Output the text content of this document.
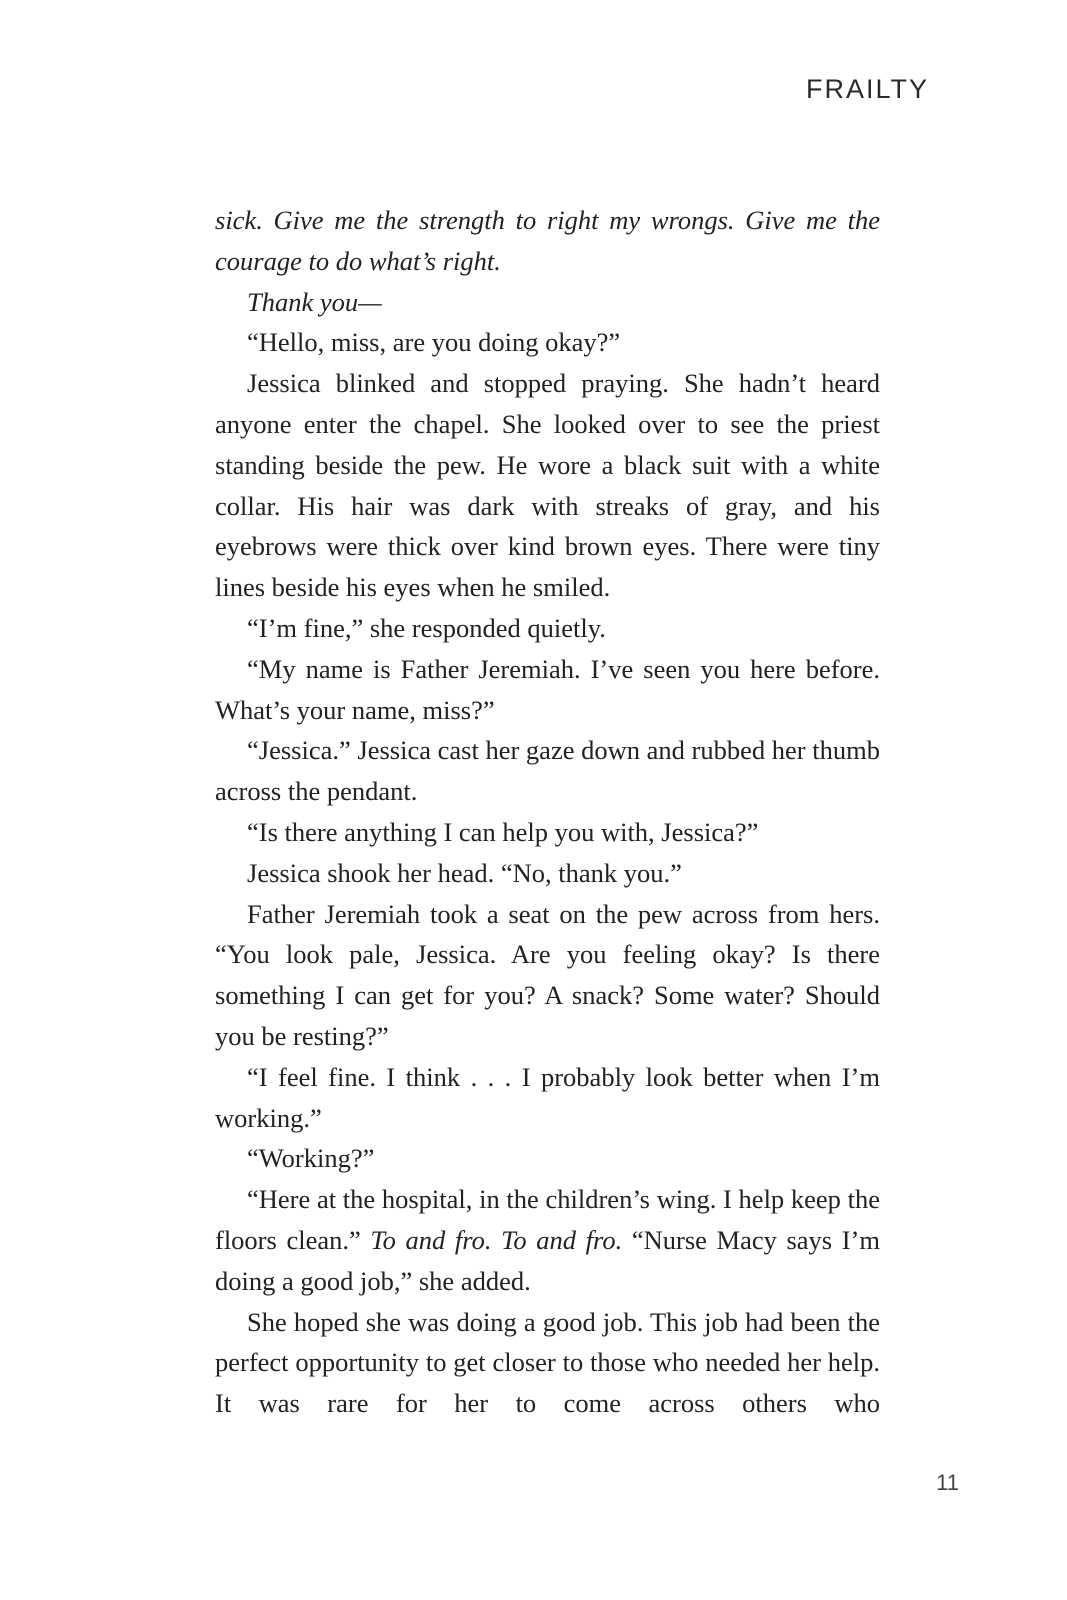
FRAILTY

sick. Give me the strength to right my wrongs. Give me the courage to do what’s right.

Thank you—

“Hello, miss, are you doing okay?”

Jessica blinked and stopped praying. She hadn’t heard anyone enter the chapel. She looked over to see the priest standing beside the pew. He wore a black suit with a white collar. His hair was dark with streaks of gray, and his eyebrows were thick over kind brown eyes. There were tiny lines beside his eyes when he smiled.

“I’m fine,” she responded quietly.

“My name is Father Jeremiah. I’ve seen you here before. What’s your name, miss?”

“Jessica.” Jessica cast her gaze down and rubbed her thumb across the pendant.

“Is there anything I can help you with, Jessica?”

Jessica shook her head. “No, thank you.”

Father Jeremiah took a seat on the pew across from hers. “You look pale, Jessica. Are you feeling okay? Is there something I can get for you? A snack? Some water? Should you be resting?”

“I feel fine. I think . . . I probably look better when I’m working.”

“Working?”

“Here at the hospital, in the children’s wing. I help keep the floors clean.” To and fro. To and fro. “Nurse Macy says I’m doing a good job,” she added.

She hoped she was doing a good job. This job had been the perfect opportunity to get closer to those who needed her help. It was rare for her to come across others who

11
